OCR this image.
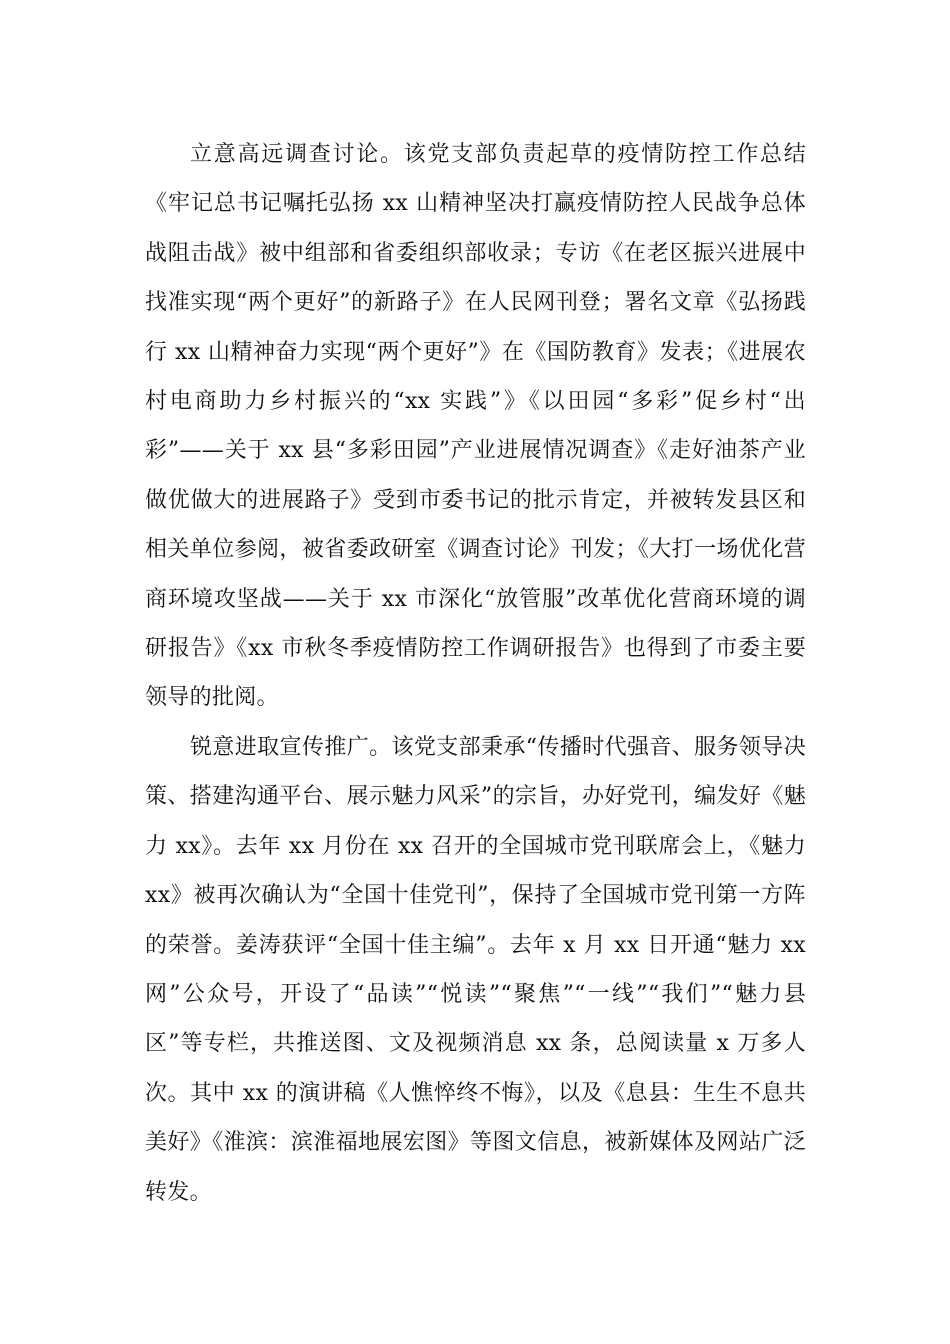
立意高远调查讨论。该党支部负责起草的疫情防控工作总结《牢记总书记嘱托弘扬 xx 山精神坚决打赢疫情防控人民战争总体战阻击战》被中组部和省委组织部收录；专访《在老区振兴进展中找准实现“两个更好”的新路子》在人民网刊登；署名文章《弘扬践行 xx 山精神奋力实现“两个更好”》在《国防教育》发表；《进展农村电商助力乡村振兴的“xx 实践”》《以田园“多彩”促乡村“出彩”——关于 xx 县“多彩田园”产业进展情况调查》《走好油茶产业做优做大的进展路子》受到市委书记的批示肯定，并被转发县区和相关单位参阅，被省委政研室《调查讨论》刊发；《大打一场优化营商环境攻坚战——关于 xx 市深化“放管服”改革优化营商环境的调研报告》《xx 市秋冬季疫情防控工作调研报告》也得到了市委主要领导的批阅。

锐意进取宣传推广。该党支部秉承“传播时代强音、服务领导决策、搭建沟通平台、展示魅力风采”的宗旨，办好党刊，编发好《魅力 xx》。去年 xx 月份在 xx 召开的全国城市党刊联席会上，《魅力 xx》被再次确认为“全国十佳党刊”，保持了全国城市党刊第一方阵的荣誉。姜涛获评“全国十佳主编”。去年 x 月 xx 日开通“魅力 xx 网”公众号，开设了“品读”“悦读”“聚焦”“一线”“我们”“魅力县区”等专栏，共推送图、文及视频消息 xx 条，总阅读量 x 万多人次。其中 xx 的演讲稿《人憔悴终不悔》，以及《息县：生生不息共美好》《淮滨：滨淮福地展宏图》等图文信息，被新媒体及网站广泛转发。
